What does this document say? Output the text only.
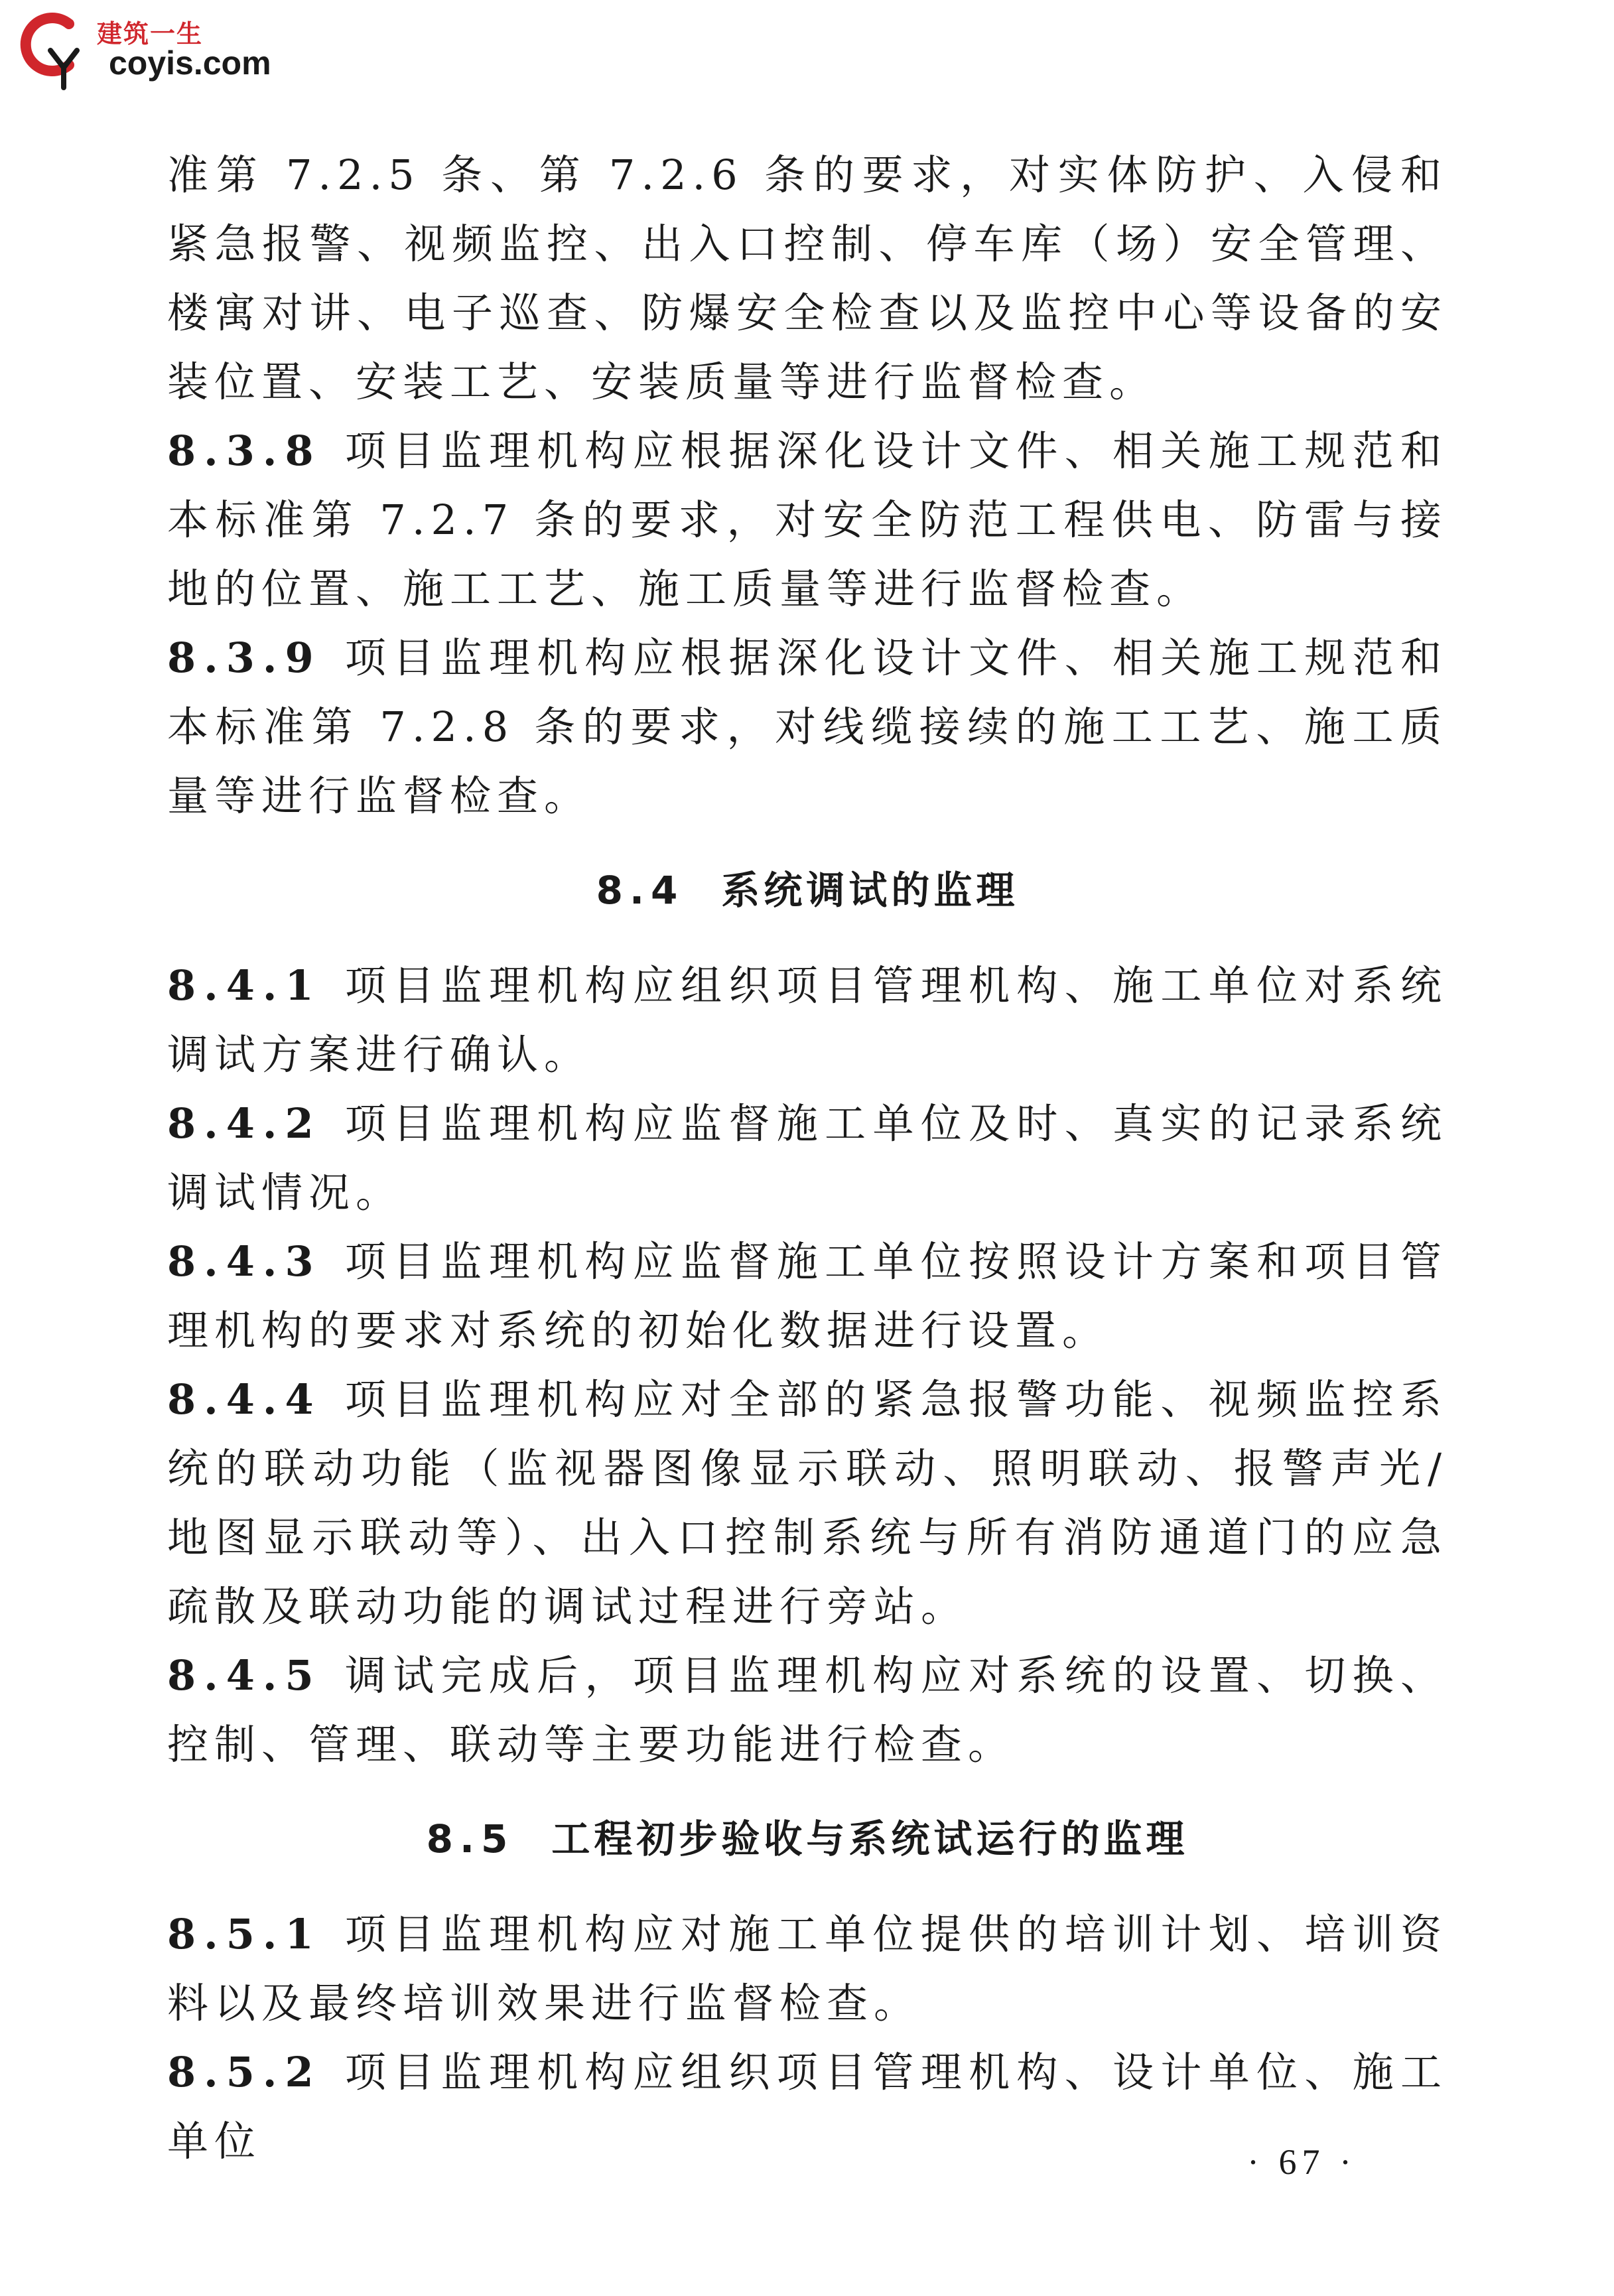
建筑一生
coyis.com

准第 7.2.5 条、第 7.2.6 条的要求，对实体防护、入侵和紧急报警、视频监控、出入口控制、停车库（场）安全管理、楼寓对讲、电子巡查、防爆安全检查以及监控中心等设备的安装位置、安装工艺、安装质量等进行监督检查。

8.3.8 项目监理机构应根据深化设计文件、相关施工规范和本标准第 7.2.7 条的要求，对安全防范工程供电、防雷与接地的位置、施工工艺、施工质量等进行监督检查。

8.3.9 项目监理机构应根据深化设计文件、相关施工规范和本标准第 7.2.8 条的要求，对线缆接续的施工工艺、施工质量等进行监督检查。

8.4 系统调试的监理

8.4.1 项目监理机构应组织项目管理机构、施工单位对系统调试方案进行确认。

8.4.2 项目监理机构应监督施工单位及时、真实的记录系统调试情况。

8.4.3 项目监理机构应监督施工单位按照设计方案和项目管理机构的要求对系统的初始化数据进行设置。

8.4.4 项目监理机构应对全部的紧急报警功能、视频监控系统的联动功能（监视器图像显示联动、照明联动、报警声光/地图显示联动等）、出入口控制系统与所有消防通道门的应急疏散及联动功能的调试过程进行旁站。

8.4.5 调试完成后，项目监理机构应对系统的设置、切换、控制、管理、联动等主要功能进行检查。

8.5 工程初步验收与系统试运行的监理

8.5.1 项目监理机构应对施工单位提供的培训计划、培训资料以及最终培训效果进行监督检查。

8.5.2 项目监理机构应组织项目管理机构、设计单位、施工单位	· 67 ·
